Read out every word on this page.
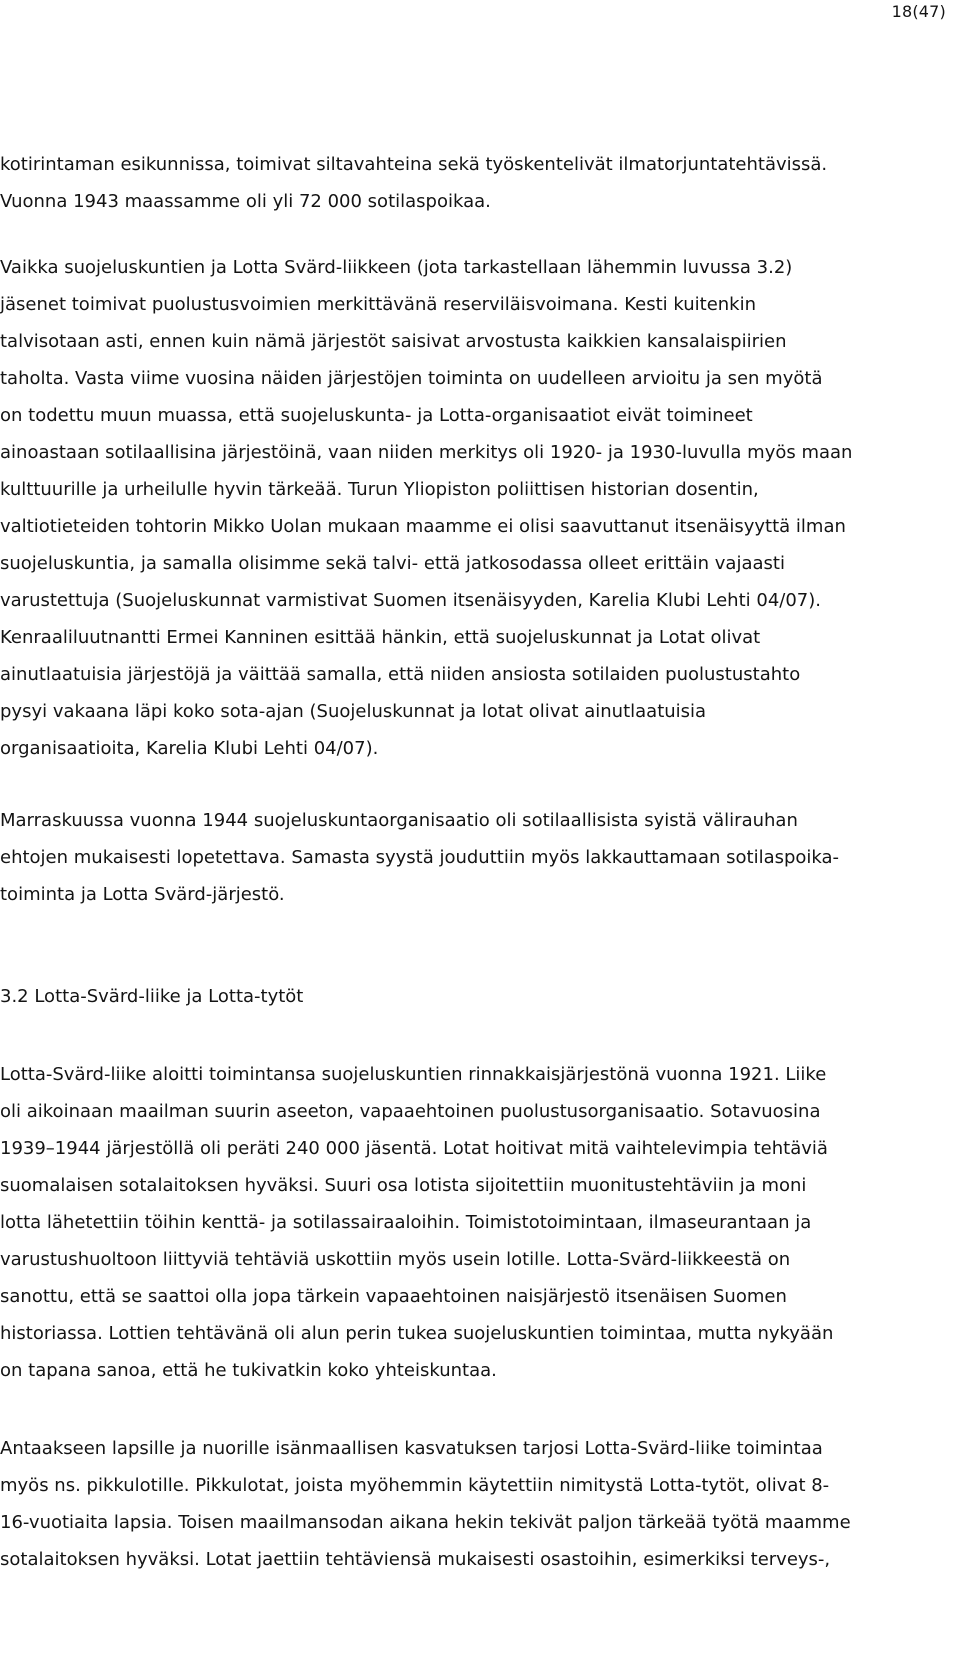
18(47)
kotirintaman esikunnissa, toimivat siltavahteina sekä työskentelivät ilmatorjuntatehtävissä.
Vuonna 1943 maassamme oli yli 72 000 sotilaspoikaa.
Vaikka suojeluskuntien ja Lotta Svärd-liikkeen (jota tarkastellaan lähemmin luvussa 3.2)
jäsenet toimivat puolustusvoimien merkittävänä reserviläisvoimana. Kesti kuitenkin
talvisotaan asti, ennen kuin nämä järjestöt saisivat arvostusta kaikkien kansalaispiirien
taholta. Vasta viime vuosina näiden järjestöjen toiminta on uudelleen arvioitu ja sen myötä
on todettu muun muassa, että suojeluskunta- ja Lotta-organisaatiot eivät toimineet
ainoastaan sotilaallisina järjestöinä, vaan niiden merkitys oli 1920- ja 1930-luvulla myös maan
kulttuurille ja urheilulle hyvin tärkeää. Turun Yliopiston poliittisen historian dosentin,
valtiotieteiden tohtorin Mikko Uolan mukaan maamme ei olisi saavuttanut itsenäisyyttä ilman
suojeluskuntia, ja samalla olisimme sekä talvi- että jatkosodassa olleet erittäin vajaasti
varustettuja (Suojeluskunnat varmistivat Suomen itsenäisyyden, Karelia Klubi Lehti 04/07).
Kenraaliluutnantti Ermei Kanninen esittää hänkin, että suojeluskunnat ja Lotat olivat
ainutlaatuisia järjestöjä ja väittää samalla, että niiden ansiosta sotilaiden puolustustahto
pysyi vakaana läpi koko sota-ajan (Suojeluskunnat ja lotat olivat ainutlaatuisia
organisaatioita, Karelia Klubi Lehti 04/07).
Marraskuussa vuonna 1944 suojeluskuntaorganisaatio oli sotilaallisista syistä välirauhan
ehtojen mukaisesti lopetettava. Samasta syystä jouduttiin myös lakkauttamaan sotilaspoika-
toiminta ja Lotta Svärd-järjestö.
3.2 Lotta-Svärd-liike ja Lotta-tytöt
Lotta-Svärd-liike aloitti toimintansa suojeluskuntien rinnakkaisjärjestönä vuonna 1921. Liike
oli aikoinaan maailman suurin aseeton, vapaaehtoinen puolustusorganisaatio. Sotavuosina
1939–1944 järjestöllä oli peräti 240 000 jäsentä. Lotat hoitivat mitä vaihtelevimpia tehtäviä
suomalaisen sotalaitoksen hyväksi. Suuri osa lotista sijoitettiin muonitustehtäviin ja moni
lotta lähetettiin töihin kenttä- ja sotilassairaaloihin. Toimistotoimintaan, ilmaseurantaan ja
varustushuoltoon liittyviä tehtäviä uskottiin myös usein lotille. Lotta-Svärd-liikkeestä on
sanottu, että se saattoi olla jopa tärkein vapaaehtoinen naisjärjestö itsenäisen Suomen
historiassa. Lottien tehtävänä oli alun perin tukea suojeluskuntien toimintaa, mutta nykyään
on tapana sanoa, että he tukivatkin koko yhteiskuntaa.
Antaakseen lapsille ja nuorille isänmaallisen kasvatuksen tarjosi Lotta-Svärd-liike toimintaa
myös ns. pikkulotille. Pikkulotat, joista myöhemmin käytettiin nimitystä Lotta-tytöt, olivat 8-
16-vuotiaita lapsia. Toisen maailmansodan aikana hekin tekivät paljon tärkeää työtä maamme
sotalaitoksen hyväksi. Lotat jaettiin tehtäviensä mukaisesti osastoihin, esimerkiksi terveys-,
